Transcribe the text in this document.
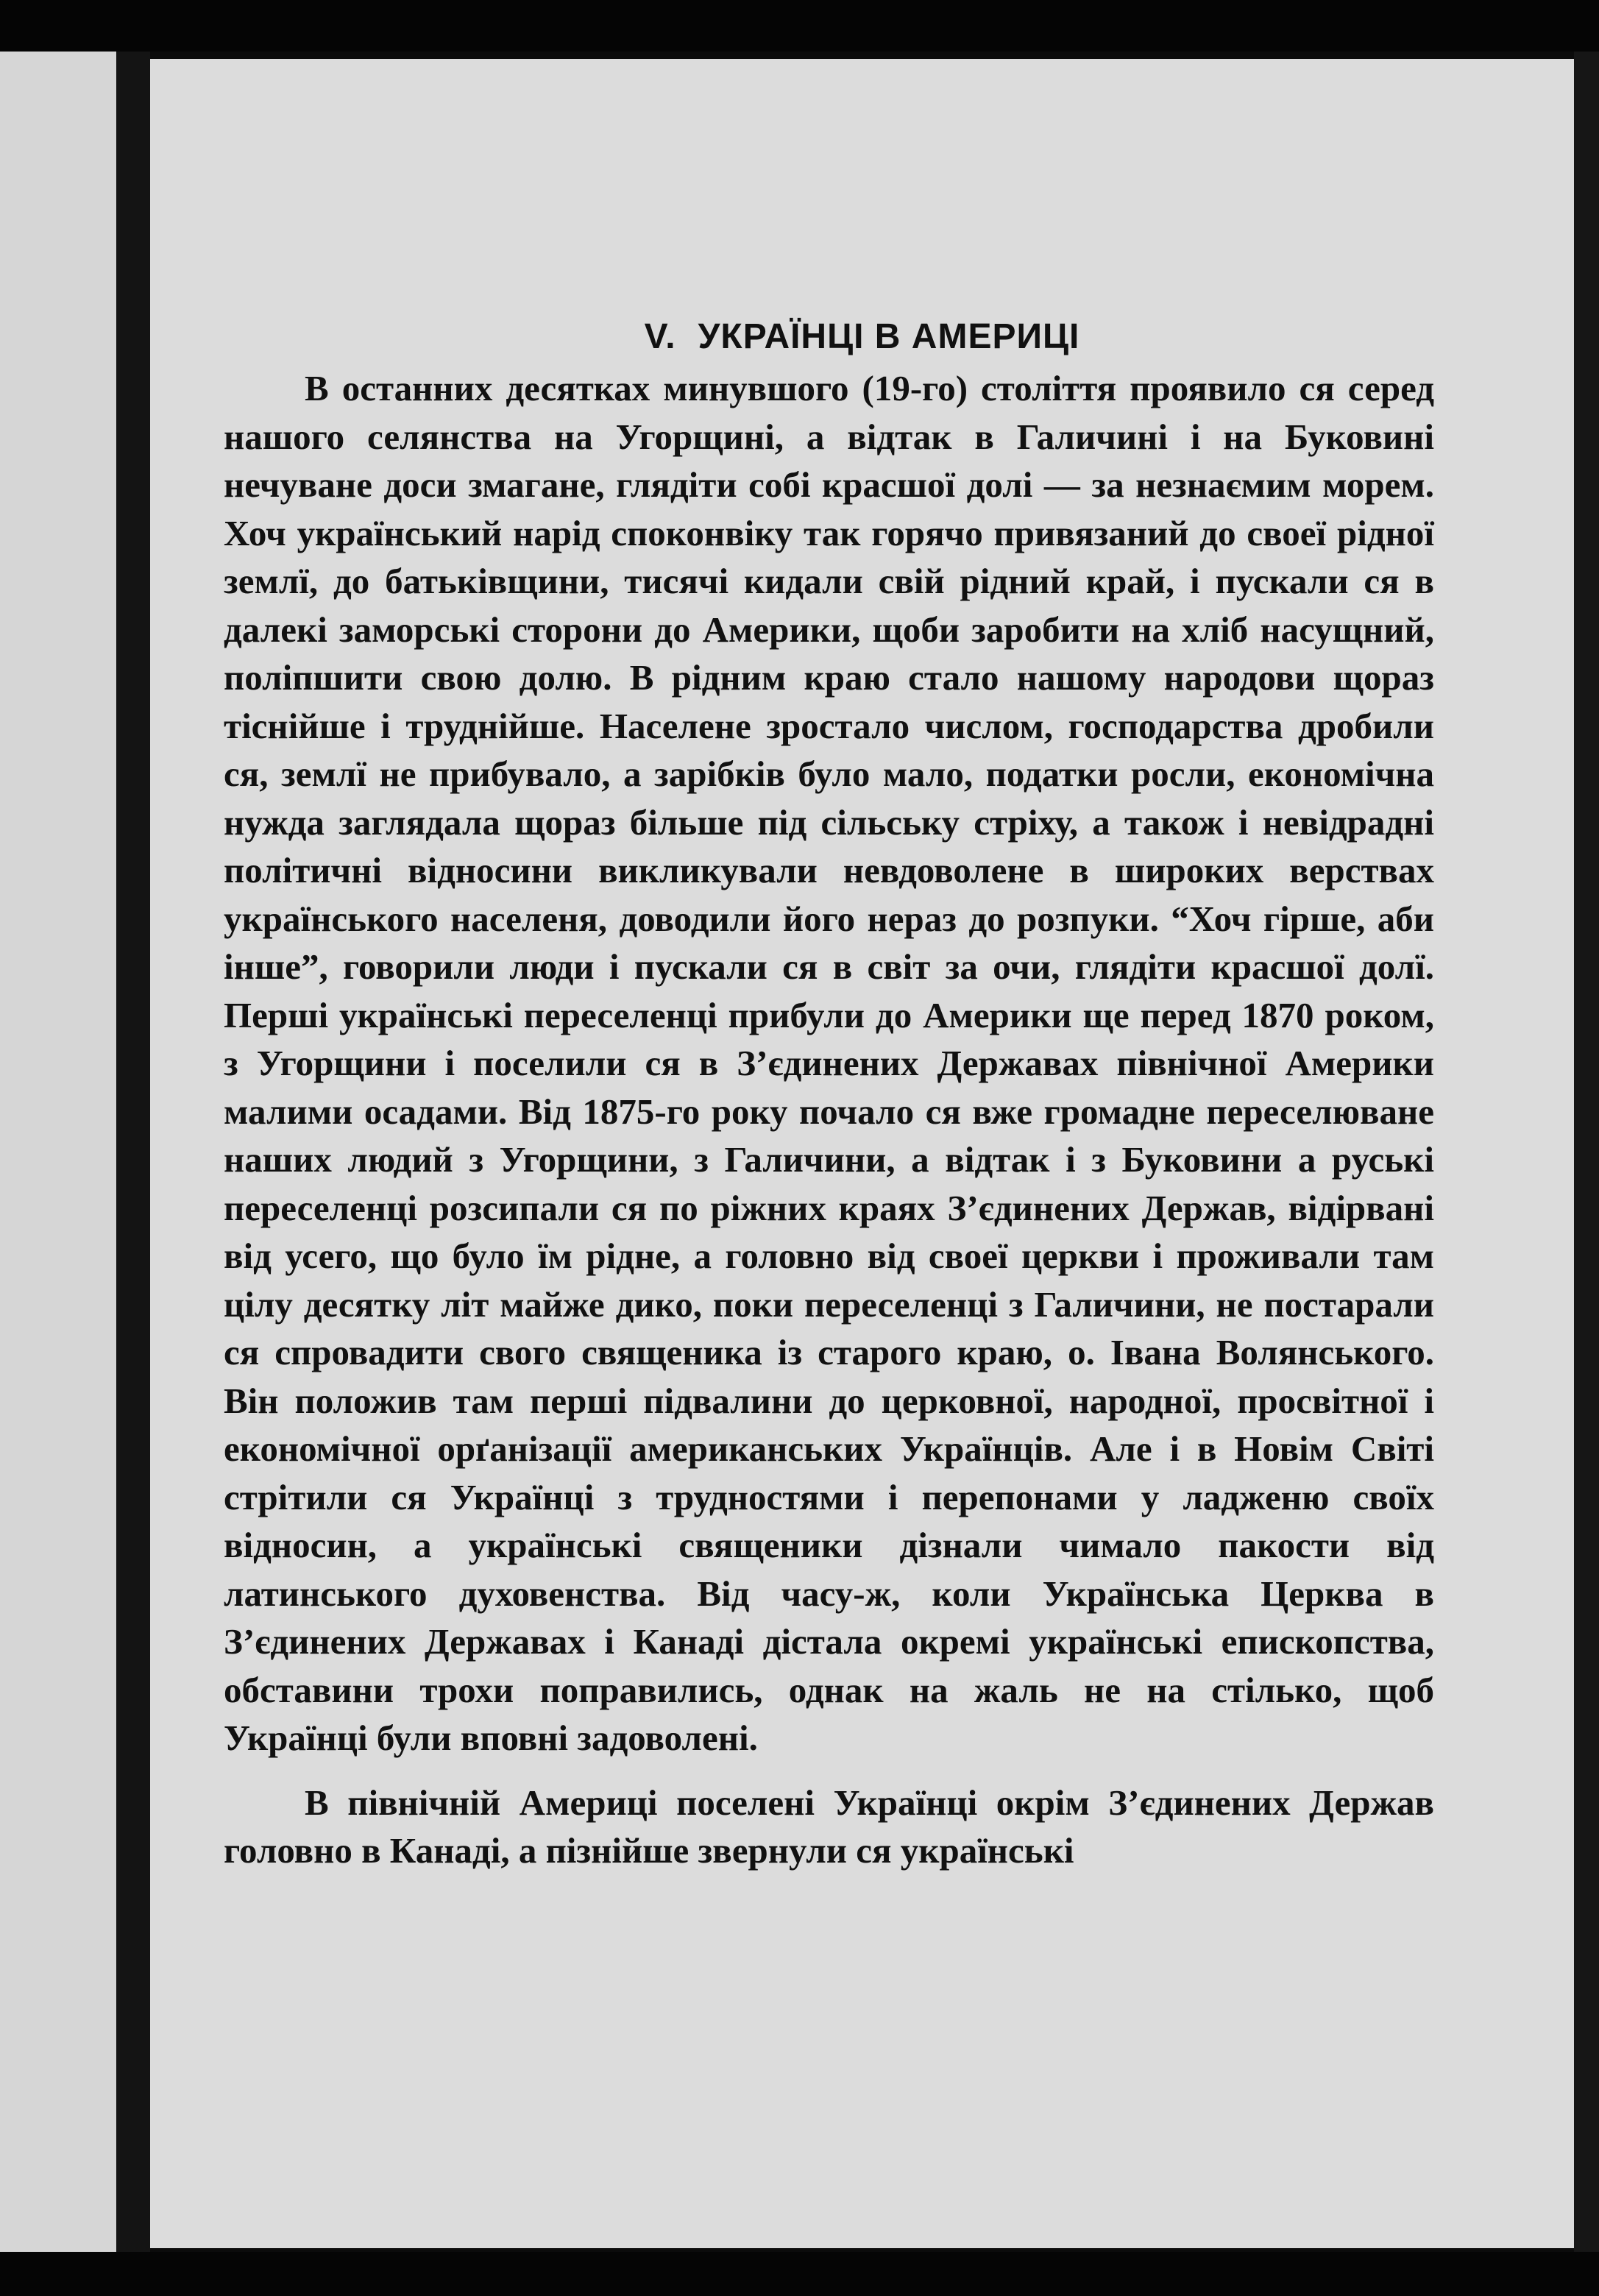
V. УКРАЇНЦІ В АМЕРИЦІ

В останних десятках минувшого (19-го) століття проявило ся серед нашого селянства на Угорщині, а відтак в Галичині і на Буковині нечуване доси змагане, глядіти собі красшої долі — за незнаємим морем. Хоч український нарід споконвіку так горячо привязаний до своеї рідної землї, до батьківщини, тисячі кидали свій рідний край, і пускали ся в далекі заморські сторони до Америки, щоби заробити на хліб насущний, поліпшити свою долю. В рідним краю стало нашому народови щораз тіснійше і труднійше. Населене зростало числом, господарства дробили ся, землї не прибувало, а зарібків було мало, податки росли, економічна нужда заглядала щораз більше під сільську стріху, а також і невідрадні політичні відносини викликували невдоволене в широких верствах українського населеня, доводили його нераз до розпуки. “Хоч гірше, аби інше”, говорили люди і пускали ся в світ за очи, глядіти красшої долї. Перші українські переселенці прибули до Америки ще перед 1870 роком, з Угорщини і поселили ся в З’єдинених Державах північної Америки малими осадами. Від 1875-го року почало ся вже громадне переселюване наших людий з Угорщини, з Галичини, а відтак і з Буковини а руські переселенці розсипали ся по ріжних краях З’єдинених Держав, відірвані від усего, що було їм рідне, а головно від своеї церкви і проживали там цілу десятку літ майже дико, поки переселенці з Галичини, не постарали ся спровадити свого священика із старого краю, о. Івана Волянського. Він положив там перші підвалини до церковної, народної, просвітної і економічної орґанізації американських Українців. Але і в Новім Світі стрітили ся Українці з трудностями і перепонами у ладженю своїх відносин, а українські священики дізнали чимало пакости від латинського духовенства. Від часу-ж, коли Українська Церква в З’єдинених Державах і Канаді дістала окремі українські епископства, обставини трохи поправились, однак на жаль не на стілько, щоб Українці були вповні задоволені.

В північній Америці поселені Українці окрім З’єдинених Держав головно в Канаді, а пізнійше звернули ся українські
